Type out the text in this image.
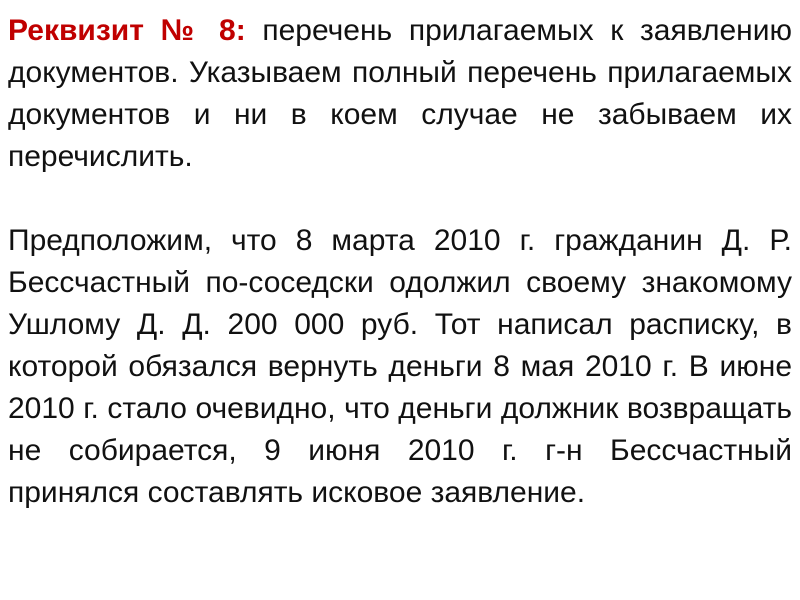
Реквизит № 8: перечень прилагаемых к заявлению документов. Указываем полный перечень прилагаемых документов и ни в коем случае не забываем их перечислить.

Предположим, что 8 марта 2010 г. гражданин Д. Р. Бессчастный по-соседски одолжил своему знакомому Ушлому Д. Д. 200 000 руб. Тот написал расписку, в которой обязался вернуть деньги 8 мая 2010 г. В июне 2010 г. стало очевидно, что деньги должник возвращать не собирается, 9 июня 2010 г. г-н Бессчастный принялся составлять исковое заявление.
